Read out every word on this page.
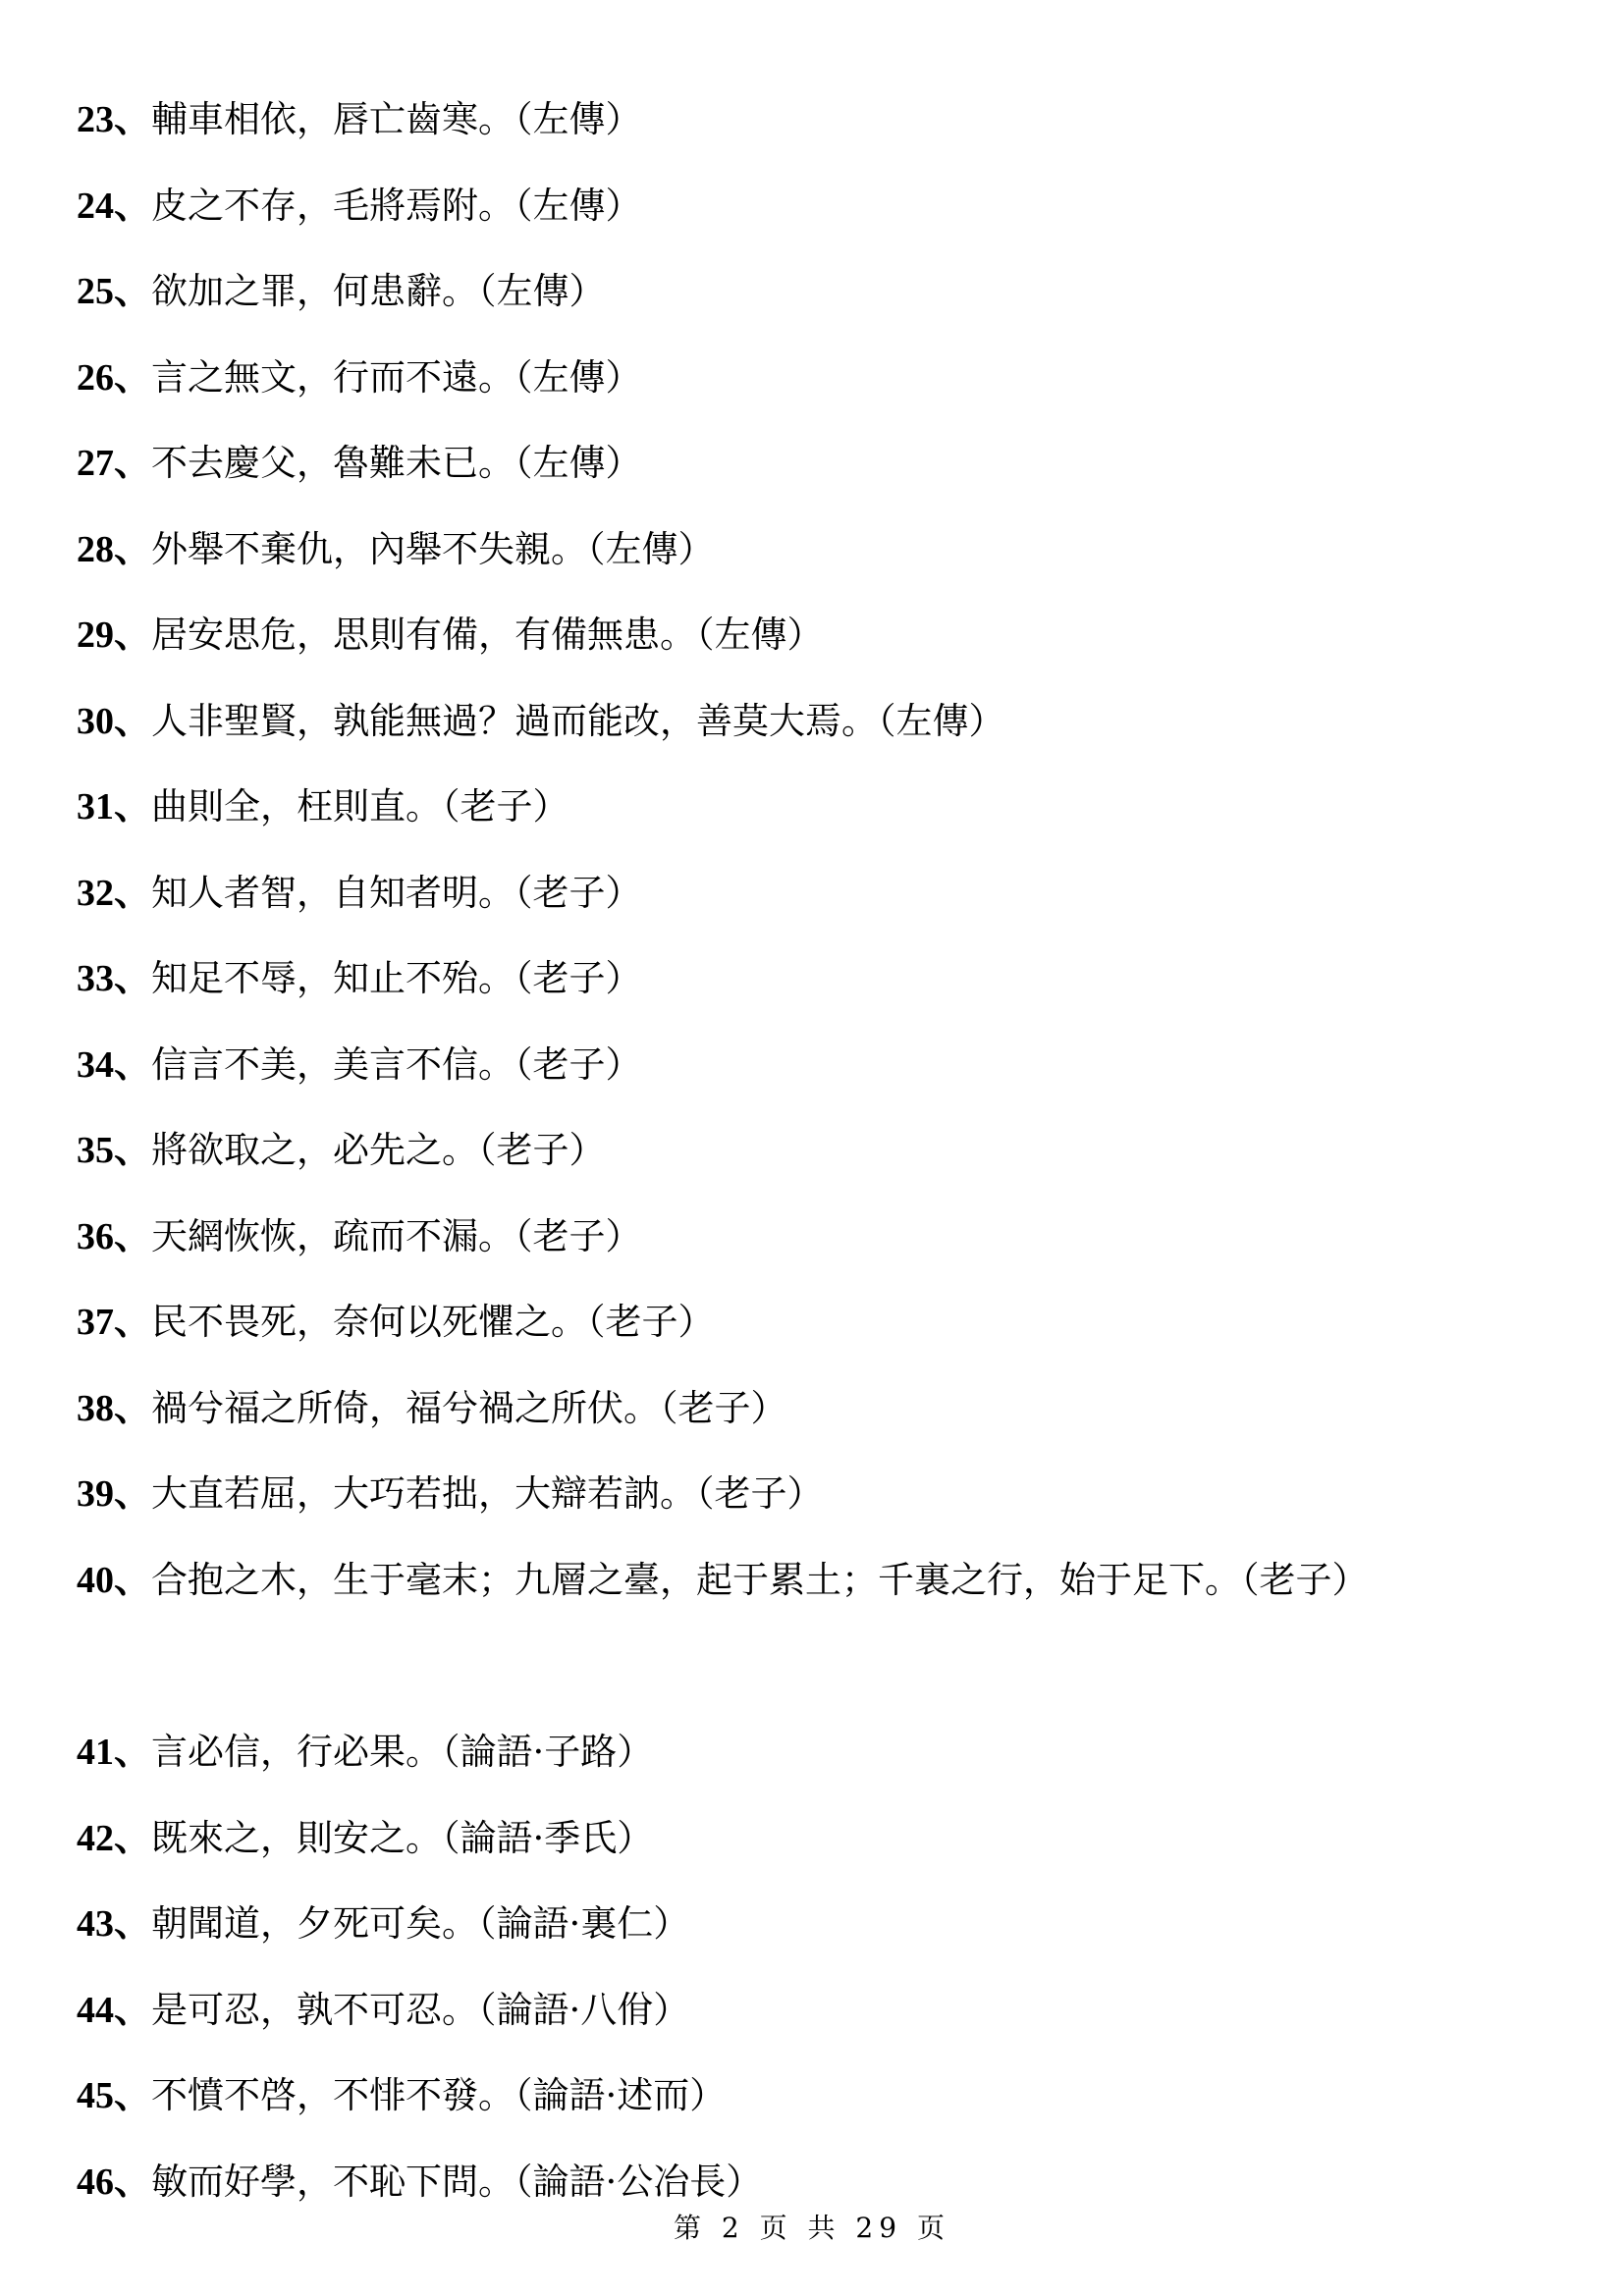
23、輔車相依，唇亡齒寒。（左傳）
24、皮之不存，毛將焉附。（左傳）
25、欲加之罪，何患辭。（左傳）
26、言之無文，行而不遠。（左傳）
27、不去慶父，魯難未已。（左傳）
28、外舉不棄仇，內舉不失親。（左傳）
29、居安思危，思則有備，有備無患。（左傳）
30、人非聖賢，孰能無過？過而能改，善莫大焉。（左傳）
31、曲則全，枉則直。（老子）
32、知人者智，自知者明。（老子）
33、知足不辱，知止不殆。（老子）
34、信言不美，美言不信。（老子）
35、將欲取之，必先之。（老子）
36、天網恢恢，疏而不漏。（老子）
37、民不畏死，奈何以死懼之。（老子）
38、禍兮福之所倚，福兮禍之所伏。（老子）
39、大直若屈，大巧若拙，大辯若訥。（老子）
40、合抱之木，生于毫末；九層之臺，起于累土；千裏之行，始于足下。（老子）
41、言必信，行必果。（論語·子路）
42、既來之，則安之。（論語·季氏）
43、朝聞道，夕死可矣。（論語·裏仁）
44、是可忍，孰不可忍。（論語·八佾）
45、不憤不啓，不悱不發。（論語·述而）
46、敏而好學，不恥下問。（論語·公冶長）
第 2 页 共 29 页
